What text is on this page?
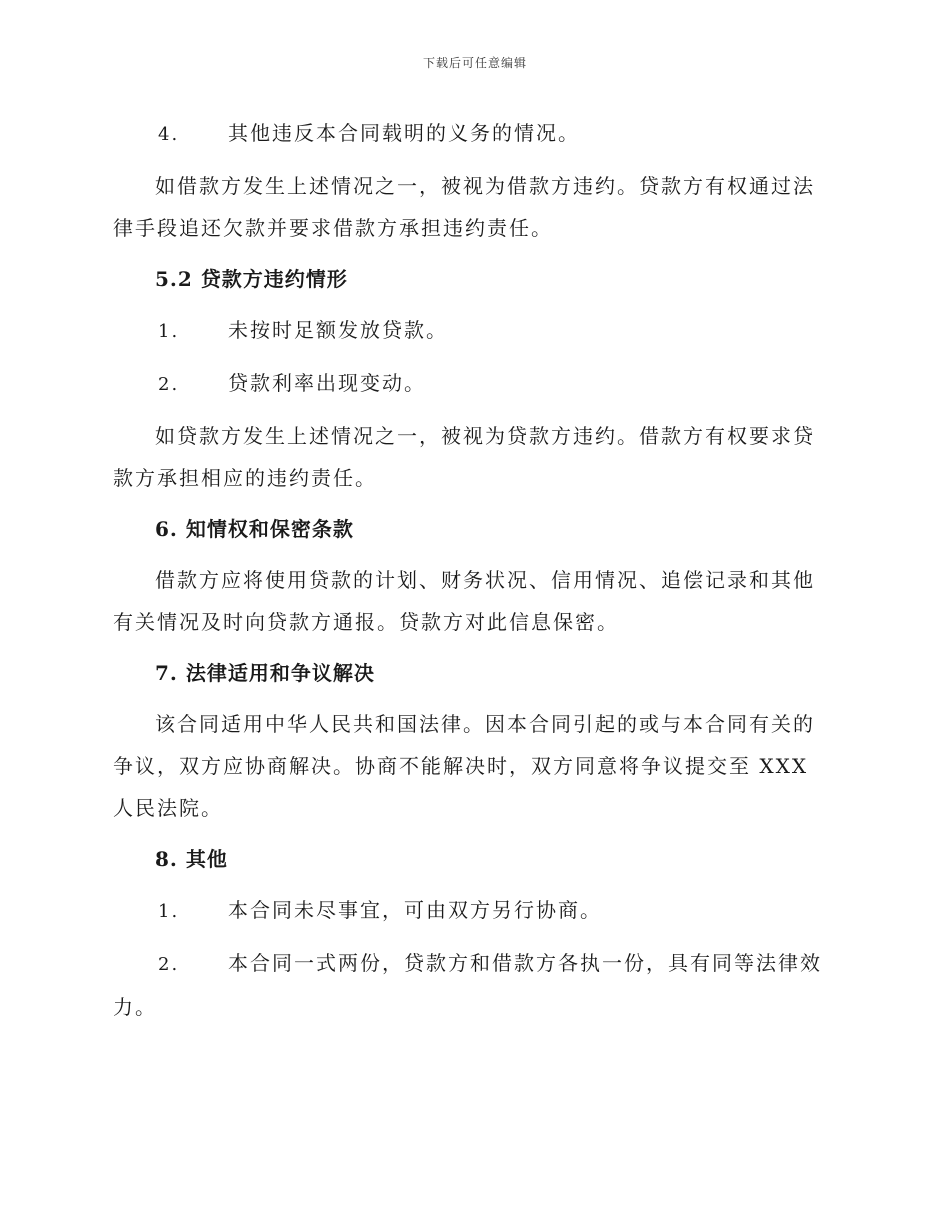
下载后可任意编辑
4. 其他违反本合同载明的义务的情况。

如借款方发生上述情况之一，被视为借款方违约。贷款方有权通过法律手段追还欠款并要求借款方承担违约责任。

5.2 贷款方违约情形
1. 未按时足额发放贷款。
2. 贷款利率出现变动。

如贷款方发生上述情况之一，被视为贷款方违约。借款方有权要求贷款方承担相应的违约责任。

6. 知情权和保密条款

借款方应将使用贷款的计划、财务状况、信用情况、追偿记录和其他有关情况及时向贷款方通报。贷款方对此信息保密。

7. 法律适用和争议解决

该合同适用中华人民共和国法律。因本合同引起的或与本合同有关的争议，双方应协商解决。协商不能解决时，双方同意将争议提交至 XXX 人民法院。

8. 其他
1. 本合同未尽事宜，可由双方另行协商。
2. 本合同一式两份，贷款方和借款方各执一份，具有同等法律效力。
